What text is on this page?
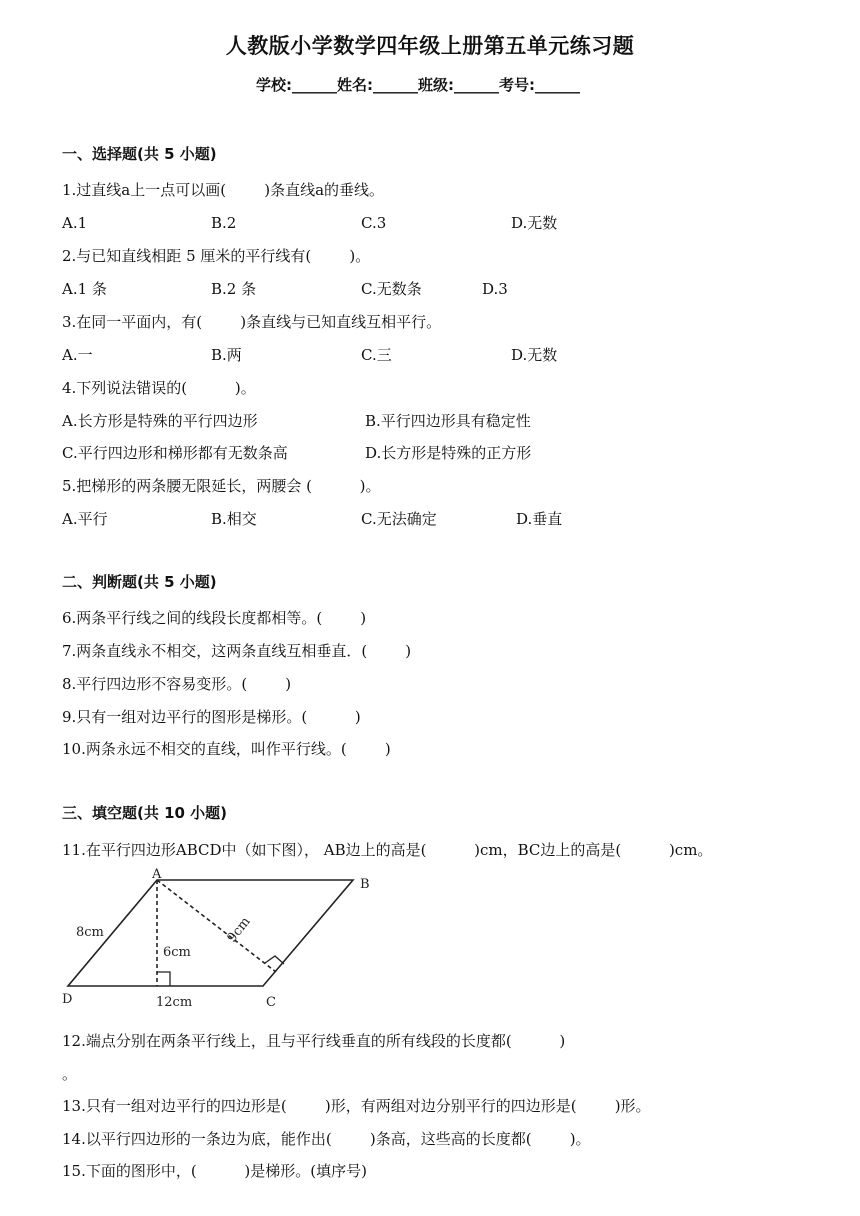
人教版小学数学四年级上册第五单元练习题
学校:______姓名:______班级:______考号:______
一、选择题(共 5 小题)
1.过直线a上一点可以画(        )条直线a的垂线。
A.1	B.2	C.3	D.无数
2.与已知直线相距 5 厘米的平行线有(        )。
A.1 条	B.2 条	C.无数条	D.3
3.在同一平面内，有(        )条直线与已知直线互相平行。
A.一	B.两	C.三	D.无数
4.下列说法错误的(          )。
A.长方形是特殊的平行四边形	B.平行四边形具有稳定性
C.平行四边形和梯形都有无数条高	D.长方形是特殊的正方形
5.把梯形的两条腰无限延长，两腰会 (          )。
A.平行	B.相交	C.无法确定	D.垂直
二、判断题(共 5 小题)
6.两条平行线之间的线段长度都相等。(        )
7.两条直线永不相交，这两条直线互相垂直．(        )
8.平行四边形不容易变形。(        )
9.只有一组对边平行的图形是梯形。(          )
10.两条永远不相交的直线，叫作平行线。(        )
三、填空题(共 10 小题)
11.在平行四边形ABCD中（如下图）， AB边上的高是(          )cm，BC边上的高是(          )cm。
A
B
C
D
8cm
6cm
9cm
12cm
12.端点分别在两条平行线上，且与平行线垂直的所有线段的长度都(          )
。
13.只有一组对边平行的四边形是(        )形，有两组对边分别平行的四边形是(        )形。
14.以平行四边形的一条边为底，能作出(        )条高，这些高的长度都(        )。
15.下面的图形中，(          )是梯形。(填序号)
